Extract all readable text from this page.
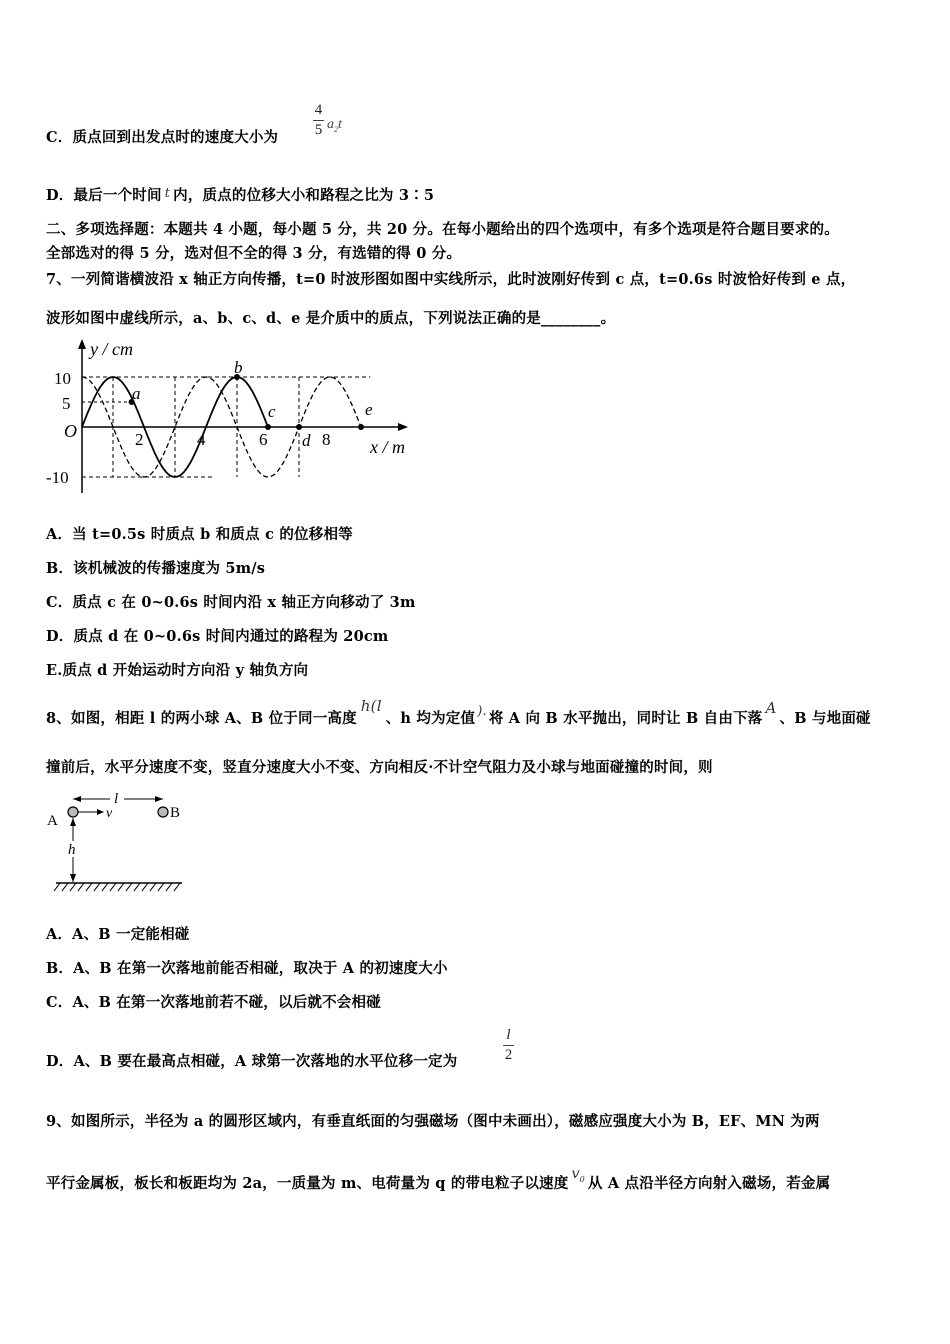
C．质点回到出发点时的速度大小为
4
5 $a_2t$
D．最后一个时间 t 内，质点的位移大小和路程之比为 3∶5
二、多项选择题：本题共 4 小题，每小题 5 分，共 20 分。在每小题给出的四个选项中，有多个选项是符合题目要求的。
全部选对的得 5 分，选对但不全的得 3 分，有选错的得 0 分。
7、一列简谐横波沿 x 轴正方向传播，t=0 时波形图如图中实线所示，此时波刚好传到 c 点，t=0.6s 时波恰好传到 e 点，
波形如图中虚线所示，a、b、c、d、e 是介质中的质点，下列说法正确的是________。
y / cm
x / m
O
10
5
-10
2	4	6	8
a
b
c
d
e
A．当 t=0.5s 时质点 b 和质点 c 的位移相等
B．该机械波的传播速度为 5m/s
C．质点 c 在 0~0.6s 时间内沿 x 轴正方向移动了 3m
D．质点 d 在 0~0.6s 时间内通过的路程为 20cm
E.质点 d 开始运动时方向沿 y 轴负方向
8、如图，相距 l 的两小球 A、B 位于同一高度h(l、h 均为定值 ). 将 A 向 B 水平抛出，同时让 B 自由下落A、B 与地面碰
撞前后，水平分速度不变，竖直分速度大小不变、方向相反·不计空气阻力及小球与地面碰撞的时间，则
A	B
l
v
h
A．A、B 一定能相碰
B．A、B 在第一次落地前能否相碰，取决于 A 的初速度大小
C．A、B 在第一次落地前若不碰，以后就不会相碰
D．A、B 要在最高点相碰，A 球第一次落地的水平位移一定为
l
2
9、如图所示，半径为 a 的圆形区域内，有垂直纸面的匀强磁场（图中未画出），磁感应强度大小为 B，EF、MN 为两
平行金属板，板长和板距均为 2a，一质量为 m、电荷量为 q 的带电粒子以速度$v_0$ 从 A 点沿半径方向射入磁场，若金属
